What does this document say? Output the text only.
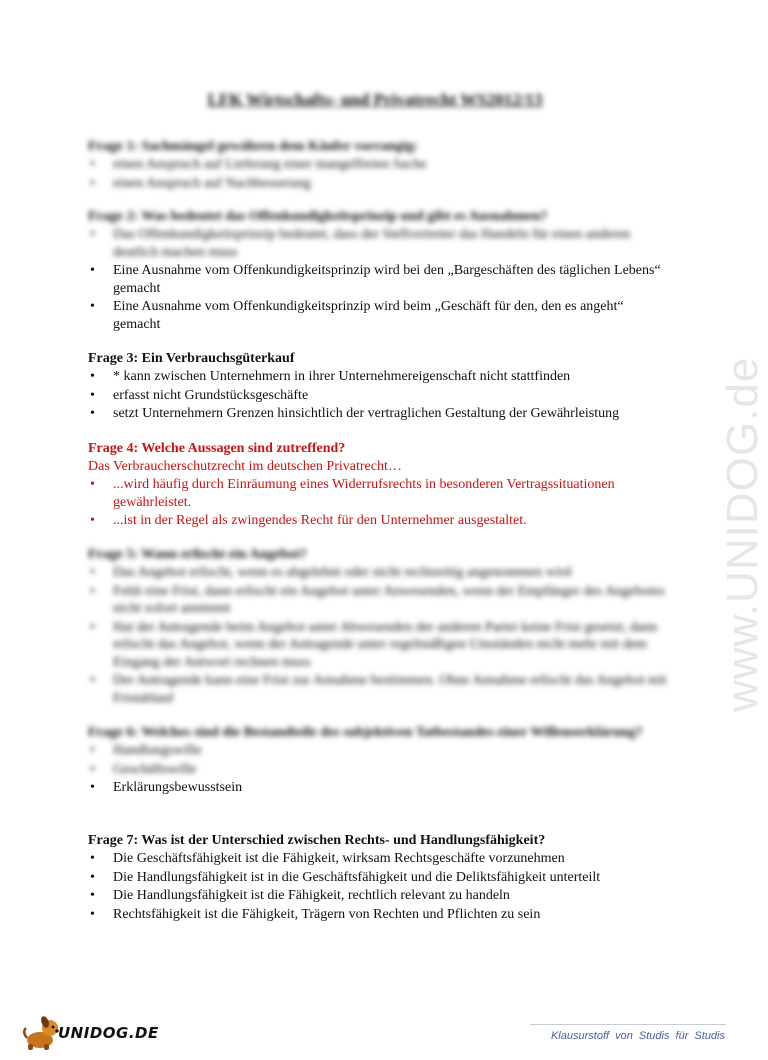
www.UNIDOG.de
LFK Wirtschafts- und Privatrecht WS2012/13

Frage 1: Sachmängel gewähren dem Käufer vorrangig:

• einen Anspruch auf Lieferung einer mangelfreien Sache
• einen Anspruch auf Nachbesserung

Frage 2: Was bedeutet das Offenkundigkeitsprinzip und gibt es Ausnahmen?

• Das Offenkundigkeitsprinzip bedeutet, dass der Stellvertreter das Handeln für einen anderen deutlich machen muss
• Eine Ausnahme vom Offenkundigkeitsprinzip wird bei den „Bargeschäften des täglichen Lebens“ gemacht
• Eine Ausnahme vom Offenkundigkeitsprinzip wird beim „Geschäft für den, den es angeht“ gemacht

Frage 3: Ein Verbrauchsgüterkauf

• * kann zwischen Unternehmern in ihrer Unternehmereigenschaft nicht stattfinden
• erfasst nicht Grundstücksgeschäfte
• setzt Unternehmern Grenzen hinsichtlich der vertraglichen Gestaltung der Gewährleistung

Frage 4: Welche Aussagen sind zutreffend?

Das Verbraucherschutzrecht im deutschen Privatrecht…

• ...wird häufig durch Einräumung eines Widerrufsrechts in besonderen Vertragssituationen gewährleistet.
• ...ist in der Regel als zwingendes Recht für den Unternehmer ausgestaltet.

Frage 5: Wann erlischt ein Angebot?

• Das Angebot erlischt, wenn es abgelehnt oder nicht rechtzeitig angenommen wird
• Fehlt eine Frist, dann erlischt ein Angebot unter Anwesenden, wenn der Empfänger des Angebotes nicht sofort annimmt
• Hat der Antragende beim Angebot unter Abwesenden der anderen Partei keine Frist gesetzt, dann erlischt das Angebot, wenn der Antragende unter regelmäßigen Umständen nicht mehr mit dem Eingang der Antwort rechnen muss
• Der Antragende kann eine Frist zur Annahme bestimmen. Ohne Annahme erlischt das Angebot mit Fristablauf

Frage 6: Welches sind die Bestandteile des subjektiven Tatbestandes einer Willenserklärung?

• Handlungswille
• Geschäftswille
• Erklärungsbewusstsein

Frage 7: Was ist der Unterschied zwischen Rechts- und Handlungsfähigkeit?

• Die Geschäftsfähigkeit ist die Fähigkeit, wirksam Rechtsgeschäfte vorzunehmen
• Die Handlungsfähigkeit ist in die Geschäftsfähigkeit und die Deliktsfähigkeit unterteilt
• Die Handlungsfähigkeit ist die Fähigkeit, rechtlich relevant zu handeln
• Rechtsfähigkeit ist die Fähigkeit, Trägern von Rechten und Pflichten zu sein
UNIDOG.DE	Klausurstoff von Studis für Studis
